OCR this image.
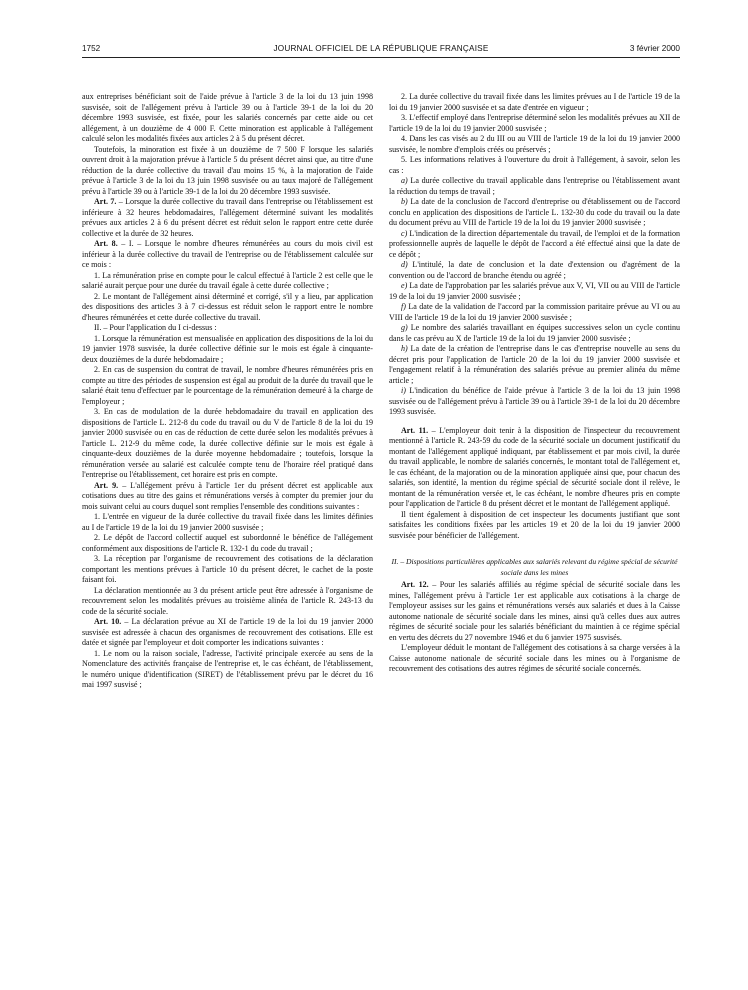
1752	JOURNAL OFFICIEL DE LA RÉPUBLIQUE FRANÇAISE	3 février 2000

aux entreprises bénéficiant soit de l'aide prévue à l'article 3 de la loi du 13 juin 1998 susvisée, soit de l'allégement prévu à l'article 39 ou à l'article 39-1 de la loi du 20 décembre 1993 susvisée, est fixée, pour les salariés concernés par cette aide ou cet allégement, à un douzième de 4 000 F. Cette minoration est applicable à l'allégement calculé selon les modalités fixées aux articles 2 à 5 du présent décret.

Toutefois, la minoration est fixée à un douzième de 7 500 F lorsque les salariés ouvrent droit à la majoration prévue à l'article 5 du présent décret ainsi que, au titre d'une réduction de la durée collective du travail d'au moins 15 %, à la majoration de l'aide prévue à l'article 3 de la loi du 13 juin 1998 susvisée ou au taux majoré de l'allégement prévu à l'article 39 ou à l'article 39-1 de la loi du 20 décembre 1993 susvisée.

Art. 7. – Lorsque la durée collective du travail dans l'entreprise ou l'établissement est inférieure à 32 heures hebdomadaires, l'allégement déterminé suivant les modalités prévues aux articles 2 à 6 du présent décret est réduit selon le rapport entre cette durée collective et la durée de 32 heures.

Art. 8. – I. – Lorsque le nombre d'heures rémunérées au cours du mois civil est inférieur à la durée collective du travail de l'entreprise ou de l'établissement calculée sur ce mois :

1. La rémunération prise en compte pour le calcul effectué à l'article 2 est celle que le salarié aurait perçue pour une durée du travail égale à cette durée collective ;

2. Le montant de l'allégement ainsi déterminé et corrigé, s'il y a lieu, par application des dispositions des articles 3 à 7 ci-dessus est réduit selon le rapport entre le nombre d'heures rémunérées et cette durée collective du travail.

II. – Pour l'application du I ci-dessus :

1. Lorsque la rémunération est mensualisée en application des dispositions de la loi du 19 janvier 1978 susvisée, la durée collective définie sur le mois est égale à cinquante-deux douzièmes de la durée hebdomadaire ;

2. En cas de suspension du contrat de travail, le nombre d'heures rémunérées pris en compte au titre des périodes de suspension est égal au produit de la durée du travail que le salarié était tenu d'effectuer par le pourcentage de la rémunération demeuré à la charge de l'employeur ;

3. En cas de modulation de la durée hebdomadaire du travail en application des dispositions de l'article L. 212-8 du code du travail ou du V de l'article 8 de la loi du 19 janvier 2000 susvisée ou en cas de réduction de cette durée selon les modalités prévues à l'article L. 212-9 du même code, la durée collective définie sur le mois est égale à cinquante-deux douzièmes de la durée moyenne hebdomadaire ; toutefois, lorsque la rémunération versée au salarié est calculée compte tenu de l'horaire réel pratiqué dans l'entreprise ou l'établissement, cet horaire est pris en compte.

Art. 9. – L'allégement prévu à l'article 1er du présent décret est applicable aux cotisations dues au titre des gains et rémunérations versés à compter du premier jour du mois suivant celui au cours duquel sont remplies l'ensemble des conditions suivantes :

1. L'entrée en vigueur de la durée collective du travail fixée dans les limites définies au I de l'article 19 de la loi du 19 janvier 2000 susvisée ;

2. Le dépôt de l'accord collectif auquel est subordonné le bénéfice de l'allégement conformément aux dispositions de l'article R. 132-1 du code du travail ;

3. La réception par l'organisme de recouvrement des cotisations de la déclaration comportant les mentions prévues à l'article 10 du présent décret, le cachet de la poste faisant foi.

La déclaration mentionnée au 3 du présent article peut être adressée à l'organisme de recouvrement selon les modalités prévues au troisième alinéa de l'article R. 243-13 du code de la sécurité sociale.

Art. 10. – La déclaration prévue au XI de l'article 19 de la loi du 19 janvier 2000 susvisée est adressée à chacun des organismes de recouvrement des cotisations. Elle est datée et signée par l'employeur et doit comporter les indications suivantes :

1. Le nom ou la raison sociale, l'adresse, l'activité principale exercée au sens de la Nomenclature des activités française de l'entreprise et, le cas échéant, de l'établissement, le numéro unique d'identification (SIRET) de l'établissement prévu par le décret du 16 mai 1997 susvisé ;

2. La durée collective du travail fixée dans les limites prévues au I de l'article 19 de la loi du 19 janvier 2000 susvisée et sa date d'entrée en vigueur ;

3. L'effectif employé dans l'entreprise déterminé selon les modalités prévues au XII de l'article 19 de la loi du 19 janvier 2000 susvisée ;

4. Dans les cas visés au 2 du III ou au VIII de l'article 19 de la loi du 19 janvier 2000 susvisée, le nombre d'emplois créés ou préservés ;

5. Les informations relatives à l'ouverture du droit à l'allégement, à savoir, selon les cas :

a) La durée collective du travail applicable dans l'entreprise ou l'établissement avant la réduction du temps de travail ;

b) La date de la conclusion de l'accord d'entreprise ou d'établissement ou de l'accord conclu en application des dispositions de l'article L. 132-30 du code du travail ou la date du document prévu au VIII de l'article 19 de la loi du 19 janvier 2000 susvisée ;

c) L'indication de la direction départementale du travail, de l'emploi et de la formation professionnelle auprès de laquelle le dépôt de l'accord a été effectué ainsi que la date de ce dépôt ;

d) L'intitulé, la date de conclusion et la date d'extension ou d'agrément de la convention ou de l'accord de branche étendu ou agréé ;

e) La date de l'approbation par les salariés prévue aux V, VI, VII ou au VIII de l'article 19 de la loi du 19 janvier 2000 susvisée ;

f) La date de la validation de l'accord par la commission paritaire prévue au VI ou au VIII de l'article 19 de la loi du 19 janvier 2000 susvisée ;

g) Le nombre des salariés travaillant en équipes successives selon un cycle continu dans le cas prévu au X de l'article 19 de la loi du 19 janvier 2000 susvisée ;

h) La date de la création de l'entreprise dans le cas d'entreprise nouvelle au sens du décret pris pour l'application de l'article 20 de la loi du 19 janvier 2000 susvisée et l'engagement relatif à la rémunération des salariés prévue au premier alinéa du même article ;

i) L'indication du bénéfice de l'aide prévue à l'article 3 de la loi du 13 juin 1998 susvisée ou de l'allégement prévu à l'article 39 ou à l'article 39-1 de la loi du 20 décembre 1993 susvisée.

Art. 11. – L'employeur doit tenir à la disposition de l'inspecteur du recouvrement mentionné à l'article R. 243-59 du code de la sécurité sociale un document justificatif du montant de l'allégement appliqué indiquant, par établissement et par mois civil, la durée du travail applicable, le nombre de salariés concernés, le montant total de l'allégement et, le cas échéant, de la majoration ou de la minoration appliquée ainsi que, pour chacun des salariés, son identité, la mention du régime spécial de sécurité sociale dont il relève, le montant de la rémunération versée et, le cas échéant, le nombre d'heures pris en compte pour l'application de l'article 8 du présent décret et le montant de l'allégement appliqué.

Il tient également à disposition de cet inspecteur les documents justifiant que sont satisfaites les conditions fixées par les articles 19 et 20 de la loi du 19 janvier 2000 susvisée pour bénéficier de l'allégement.

II. – Dispositions particulières applicables aux salariés relevant du régime spécial de sécurité sociale dans les mines

Art. 12. – Pour les salariés affiliés au régime spécial de sécurité sociale dans les mines, l'allégement prévu à l'article 1er est applicable aux cotisations à la charge de l'employeur assises sur les gains et rémunérations versés aux salariés et dues à la Caisse autonome nationale de sécurité sociale dans les mines, ainsi qu'à celles dues aux autres régimes de sécurité sociale pour les salariés bénéficiant du maintien à ce régime spécial en vertu des décrets du 27 novembre 1946 et du 6 janvier 1975 susvisés.

L'employeur déduit le montant de l'allégement des cotisations à sa charge versées à la Caisse autonome nationale de sécurité sociale dans les mines ou à l'organisme de recouvrement des cotisations des autres régimes de sécurité sociale concernés.
